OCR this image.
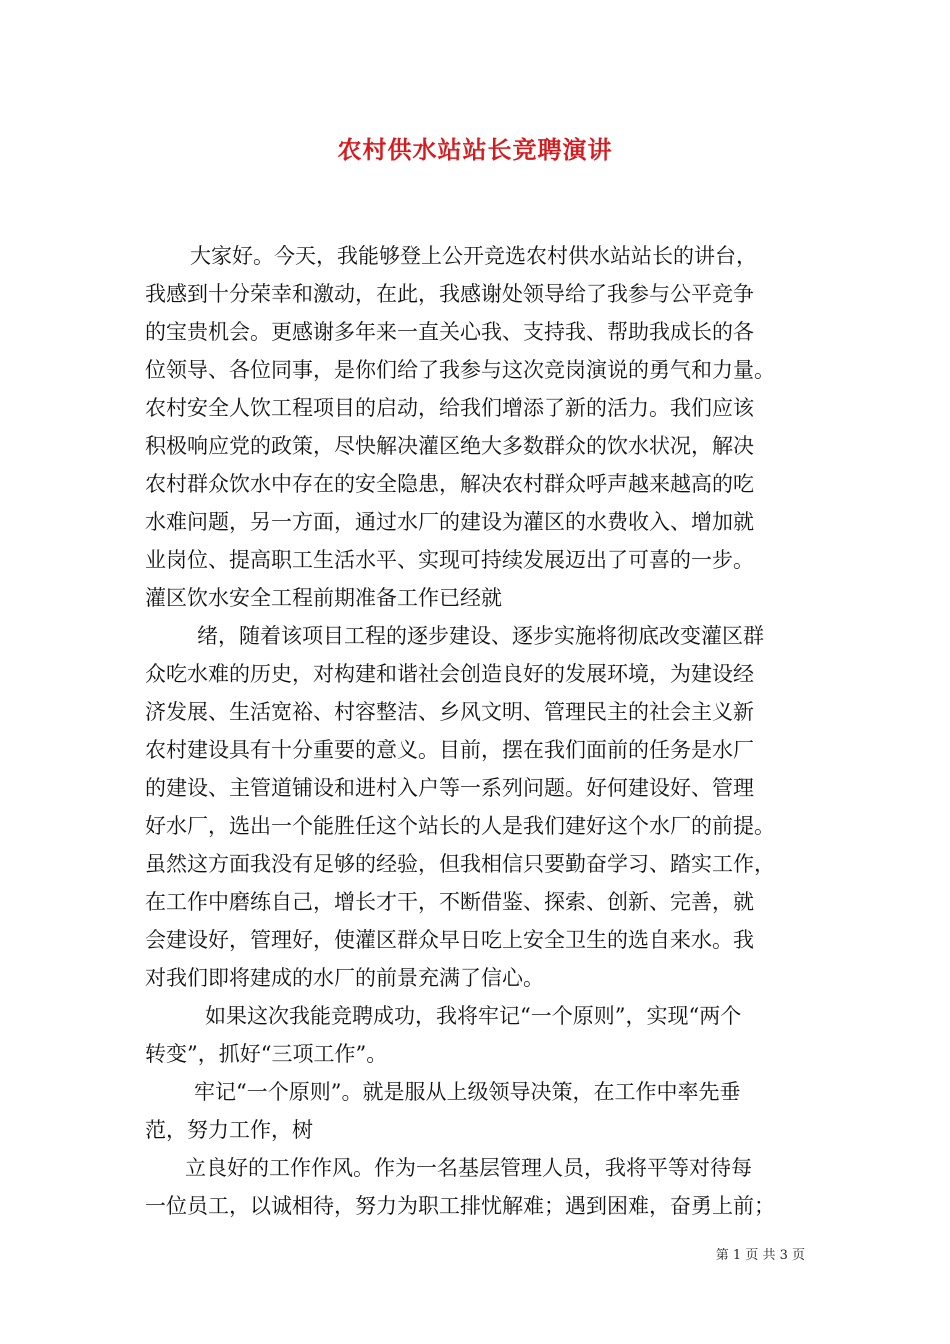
农村供水站站长竞聘演讲
大家好。今天，我能够登上公开竞选农村供水站站长的讲台，
我感到十分荣幸和激动，在此，我感谢处领导给了我参与公平竞争
的宝贵机会。更感谢多年来一直关心我、支持我、帮助我成长的各
位领导、各位同事，是你们给了我参与这次竞岗演说的勇气和力量。
农村安全人饮工程项目的启动，给我们增添了新的活力。我们应该
积极响应党的政策，尽快解决灌区绝大多数群众的饮水状况，解决
农村群众饮水中存在的安全隐患，解决农村群众呼声越来越高的吃
水难问题，另一方面，通过水厂的建设为灌区的水费收入、增加就
业岗位、提高职工生活水平、实现可持续发展迈出了可喜的一步。
灌区饮水安全工程前期准备工作已经就
绪，随着该项目工程的逐步建设、逐步实施将彻底改变灌区群
众吃水难的历史，对构建和谐社会创造良好的发展环境，为建设经
济发展、生活宽裕、村容整洁、乡风文明、管理民主的社会主义新
农村建设具有十分重要的意义。目前，摆在我们面前的任务是水厂
的建设、主管道铺设和进村入户等一系列问题。好何建设好、管理
好水厂，选出一个能胜任这个站长的人是我们建好这个水厂的前提。
虽然这方面我没有足够的经验，但我相信只要勤奋学习、踏实工作，
在工作中磨练自己，增长才干，不断借鉴、探索、创新、完善，就
会建设好，管理好，使灌区群众早日吃上安全卫生的选自来水。我
对我们即将建成的水厂的前景充满了信心。
如果这次我能竞聘成功，我将牢记“一个原则”，实现“两个
转变”，抓好“三项工作”。
牢记“一个原则”。就是服从上级领导决策，在工作中率先垂
范，努力工作，树
立良好的工作作风。作为一名基层管理人员，我将平等对待每
一位员工，以诚相待，努力为职工排忧解难；遇到困难，奋勇上前；
第 1 页 共 3 页
